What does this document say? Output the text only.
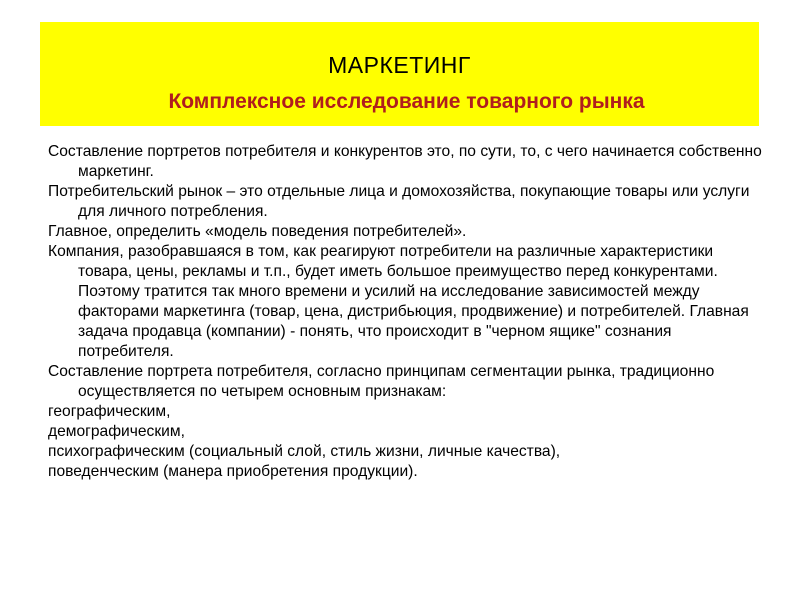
МАРКЕТИНГ
Комплексное исследование товарного рынка

Составление портретов потребителя и конкурентов это, по сути, то, с чего начинается собственно маркетинг.

Потребительский рынок – это отдельные лица и домохозяйства, покупающие товары или услуги для личного потребления.

Главное, определить «модель поведения потребителей».

Компания, разобравшаяся в том, как реагируют потребители на различные характеристики товара, цены, рекламы и т.п., будет иметь большое преимущество перед конкурентами. Поэтому тратится так много времени и усилий на исследование зависимостей между факторами маркетинга (товар, цена, дистрибьюция, продвижение) и потребителей. Главная задача продавца (компании) - понять, что происходит в "черном ящике" сознания потребителя.

Составление портрета потребителя, согласно принципам сегментации рынка, традиционно осуществляется по четырем основным признакам:

географическим,

демографическим,

психографическим (социальный слой, стиль жизни, личные качества),

поведенческим (манера приобретения продукции).
